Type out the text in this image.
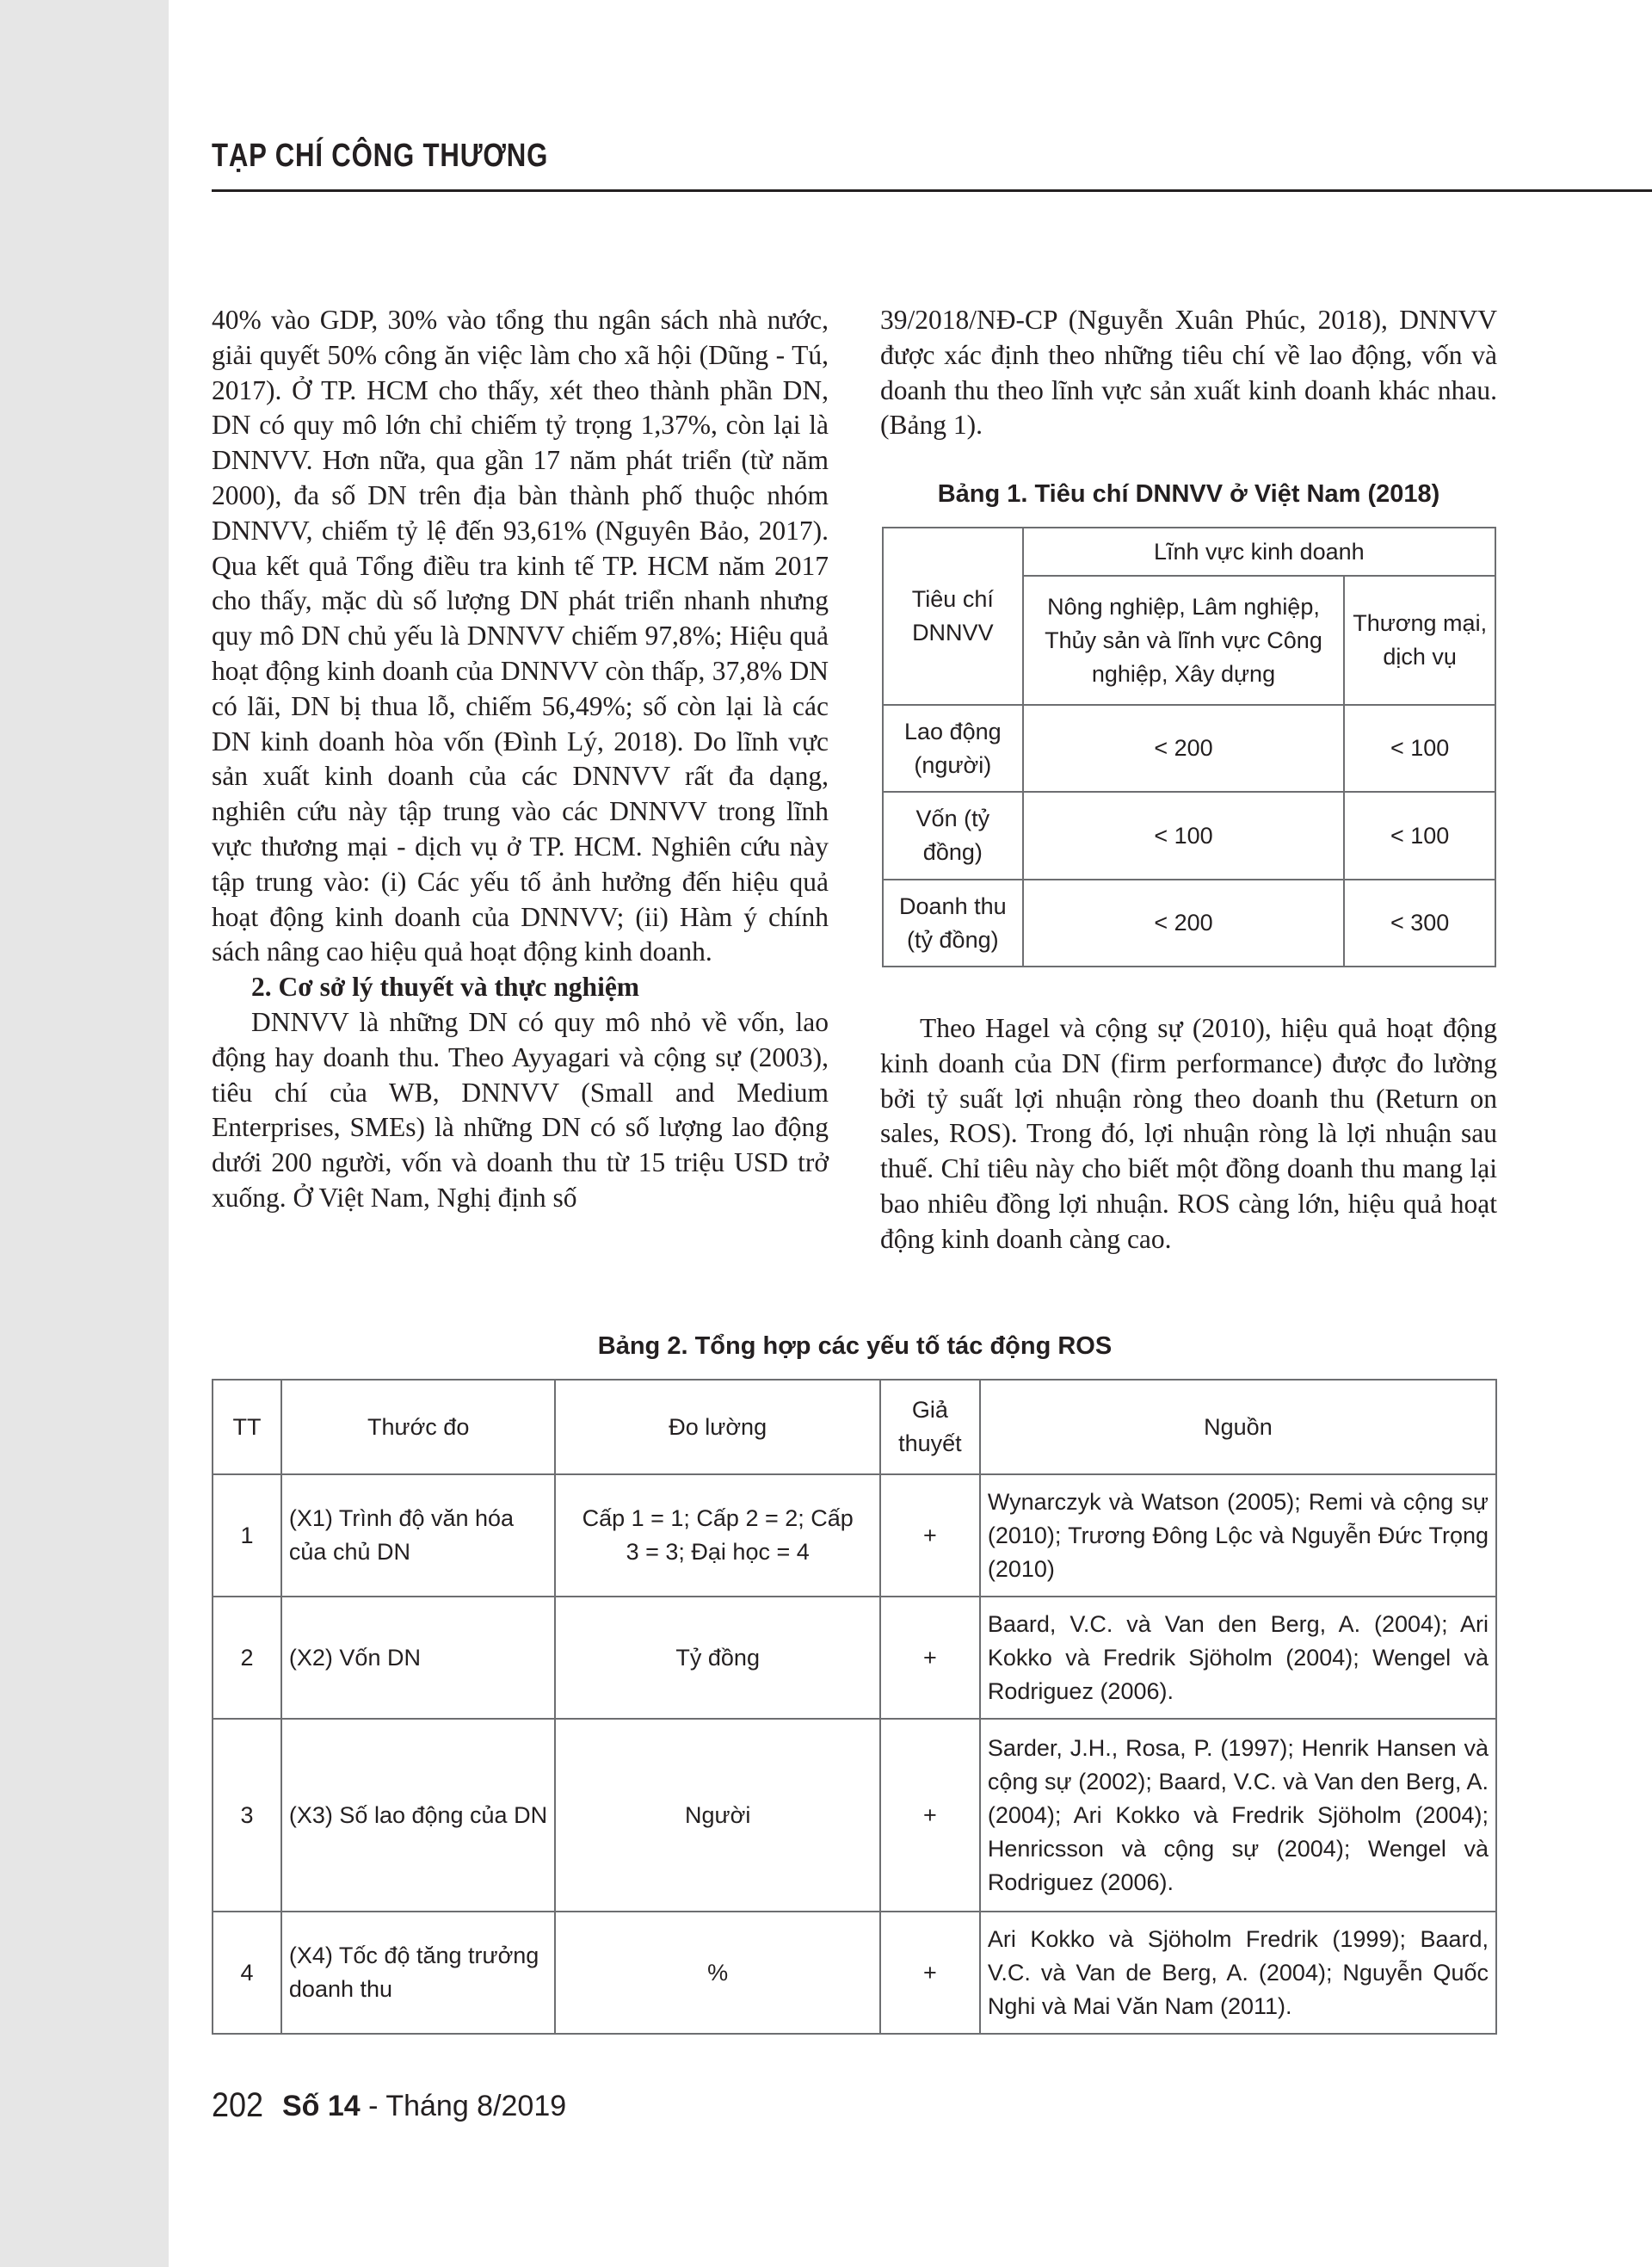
TẠP CHÍ CÔNG THƯƠNG

40% vào GDP, 30% vào tổng thu ngân sách nhà nước, giải quyết 50% công ăn việc làm cho xã hội (Dũng - Tú, 2017). Ở TP. HCM cho thấy, xét theo thành phần DN, DN có quy mô lớn chỉ chiếm tỷ trọng 1,37%, còn lại là DNNVV. Hơn nữa, qua gần 17 năm phát triển (từ năm 2000), đa số DN trên địa bàn thành phố thuộc nhóm DNNVV, chiếm tỷ lệ đến 93,61% (Nguyên Bảo, 2017). Qua kết quả Tổng điều tra kinh tế TP. HCM năm 2017 cho thấy, mặc dù số lượng DN phát triển nhanh nhưng quy mô DN chủ yếu là DNNVV chiếm 97,8%; Hiệu quả hoạt động kinh doanh của DNNVV còn thấp, 37,8% DN có lãi, DN bị thua lỗ, chiếm 56,49%; số còn lại là các DN kinh doanh hòa vốn (Đình Lý, 2018). Do lĩnh vực sản xuất kinh doanh của các DNNVV rất đa dạng, nghiên cứu này tập trung vào các DNNVV trong lĩnh vực thương mại - dịch vụ ở TP. HCM. Nghiên cứu này tập trung vào: (i) Các yếu tố ảnh hưởng đến hiệu quả hoạt động kinh doanh của DNNVV; (ii) Hàm ý chính sách nâng cao hiệu quả hoạt động kinh doanh.

2. Cơ sở lý thuyết và thực nghiệm

DNNVV là những DN có quy mô nhỏ về vốn, lao động hay doanh thu. Theo Ayyagari và cộng sự (2003), tiêu chí của WB, DNNVV (Small and Medium Enterprises, SMEs) là những DN có số lượng lao động dưới 200 người, vốn và doanh thu từ 15 triệu USD trở xuống. Ở Việt Nam, Nghị định số

39/2018/NĐ-CP (Nguyễn Xuân Phúc, 2018), DNNVV được xác định theo những tiêu chí về lao động, vốn và doanh thu theo lĩnh vực sản xuất kinh doanh khác nhau. (Bảng 1).

Bảng 1. Tiêu chí DNNVV ở Việt Nam (2018)
Tiêu chí DNNVV	Lĩnh vực kinh doanh	
	Nông nghiệp, Lâm nghiệp, Thủy sản và lĩnh vực Công nghiệp, Xây dựng	Thương mại, dịch vụ
Lao động (người)	< 200	< 100
Vốn (tỷ đồng)	< 100	< 100
Doanh thu (tỷ đồng)	< 200	< 300

Theo Hagel và cộng sự (2010), hiệu quả hoạt động kinh doanh của DN (firm performance) được đo lường bởi tỷ suất lợi nhuận ròng theo doanh thu (Return on sales, ROS). Trong đó, lợi nhuận ròng là lợi nhuận sau thuế. Chỉ tiêu này cho biết một đồng doanh thu mang lại bao nhiêu đồng lợi nhuận. ROS càng lớn, hiệu quả hoạt động kinh doanh càng cao.

Bảng 2. Tổng hợp các yếu tố tác động ROS
TT	Thước đo	Đo lường	Giả thuyết	Nguồn
1	(X1) Trình độ văn hóa của chủ DN	Cấp 1 = 1; Cấp 2 = 2; Cấp 3 = 3; Đại học = 4	+	Wynarczyk và Watson (2005); Remi và cộng sự (2010); Trương Đông Lộc và Nguyễn Đức Trọng (2010)
2	(X2) Vốn DN	Tỷ đồng	+	Baard, V.C. và Van den Berg, A. (2004); Ari Kokko và Fredrik Sjöholm (2004); Wengel và Rodriguez (2006).
3	(X3) Số lao động của DN	Người	+	Sarder, J.H., Rosa, P. (1997); Henrik Hansen và cộng sự (2002); Baard, V.C. và Van den Berg, A. (2004); Ari Kokko và Fredrik Sjöholm (2004); Henricsson và cộng sự (2004); Wengel và Rodriguez (2006).
4	(X4) Tốc độ tăng trưởng doanh thu	%	+	Ari Kokko và Sjöholm Fredrik (1999); Baard, V.C. và Van de Berg, A. (2004); Nguyễn Quốc Nghi và Mai Văn Nam (2011).
202 Số 14 - Tháng 8/2019
